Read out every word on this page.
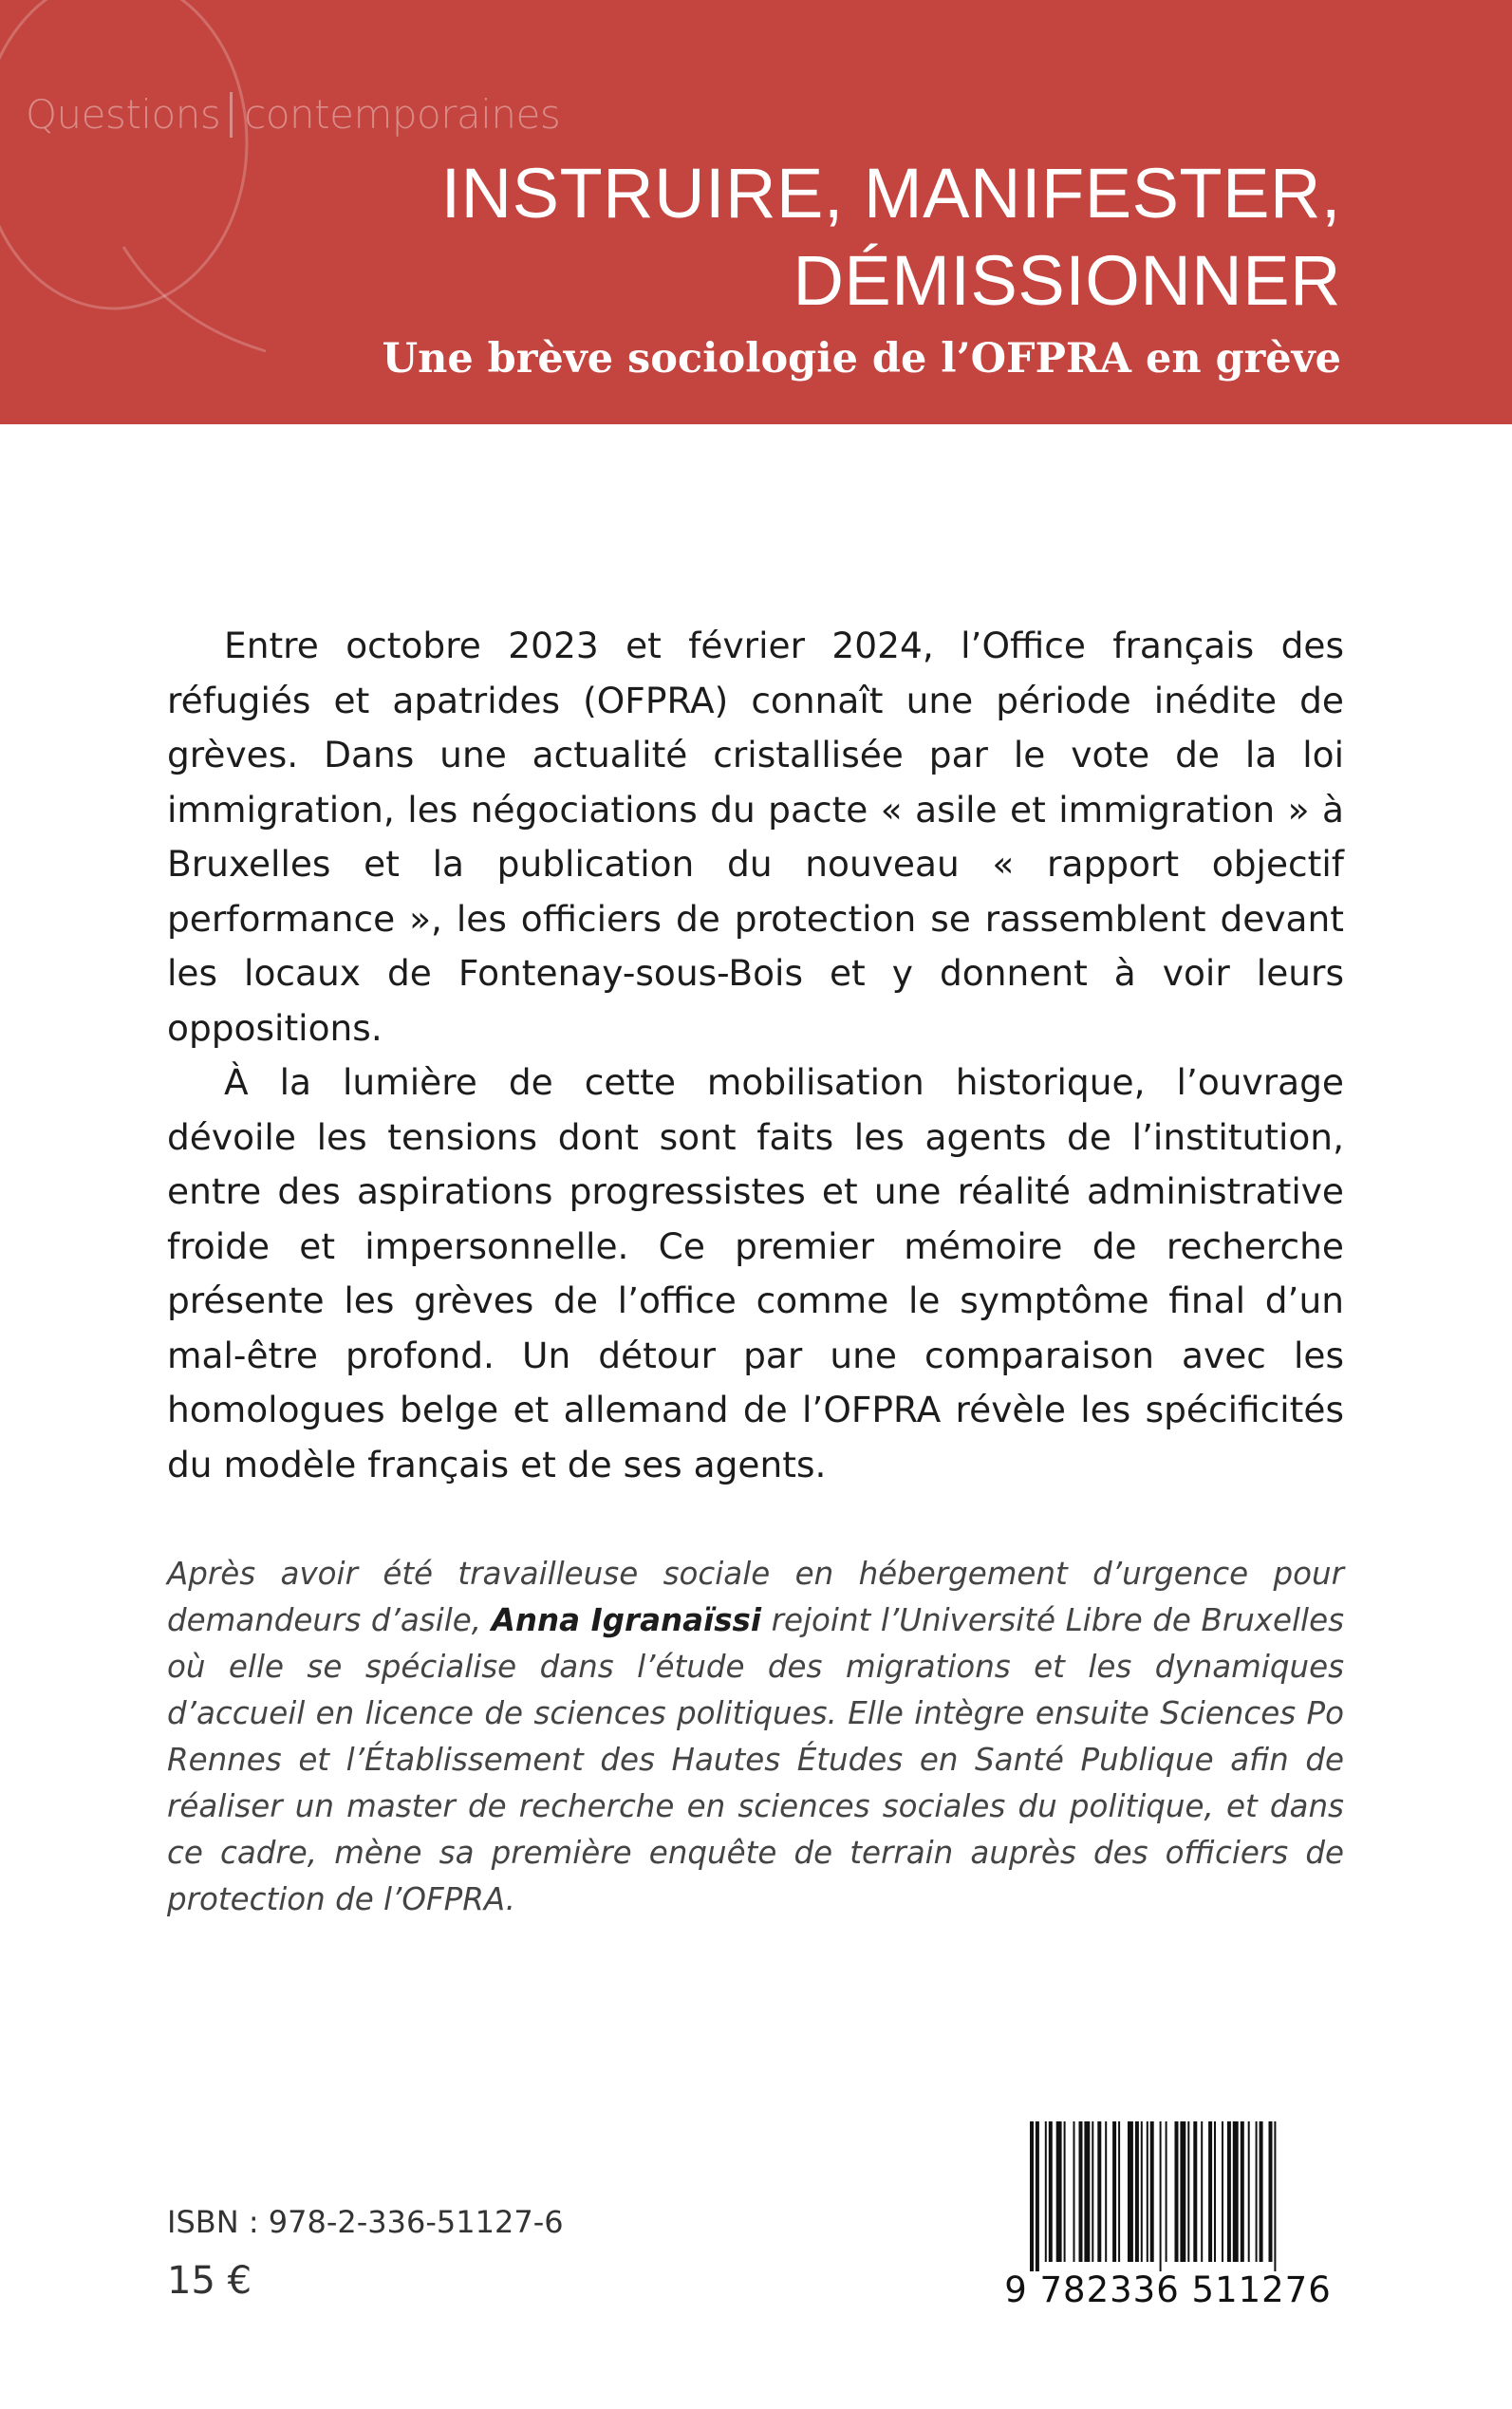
Questions contemporaines
INSTRUIRE, MANIFESTER,
DÉMISSIONNER
Une brève sociologie de l’OFPRA en grève

Entre octobre 2023 et février 2024, l’Office français des réfugiés et apatrides (OFPRA) connaît une période inédite de grèves. Dans une actualité cristallisée par le vote de la loi immigration, les négociations du pacte « asile et immigration » à Bruxelles et la publication du nouveau « rapport objectif performance », les officiers de protection se rassemblent devant les locaux de Fontenay-sous-Bois et y donnent à voir leurs oppositions.

À la lumière de cette mobilisation historique, l’ouvrage dévoile les tensions dont sont faits les agents de l’institution, entre des aspirations progressistes et une réalité administrative froide et impersonnelle. Ce premier mémoire de recherche présente les grèves de l’office comme le symptôme final d’un mal-être profond. Un détour par une comparaison avec les homologues belge et allemand de l’OFPRA révèle les spécificités du modèle français et de ses agents.

Après avoir été travailleuse sociale en hébergement d’urgence pour demandeurs d’asile, Anna Igranaïssi rejoint l’Université Libre de Bruxelles où elle se spécialise dans l’étude des migrations et les dynamiques d’accueil en licence de sciences politiques. Elle intègre ensuite Sciences Po Rennes et l’Établissement des Hautes Études en Santé Publique afin de réaliser un master de recherche en sciences sociales du politique, et dans ce cadre, mène sa première enquête de terrain auprès des officiers de protection de l’OFPRA.

ISBN : 978-2-336-51127-6
15 €	9 782336 511276
